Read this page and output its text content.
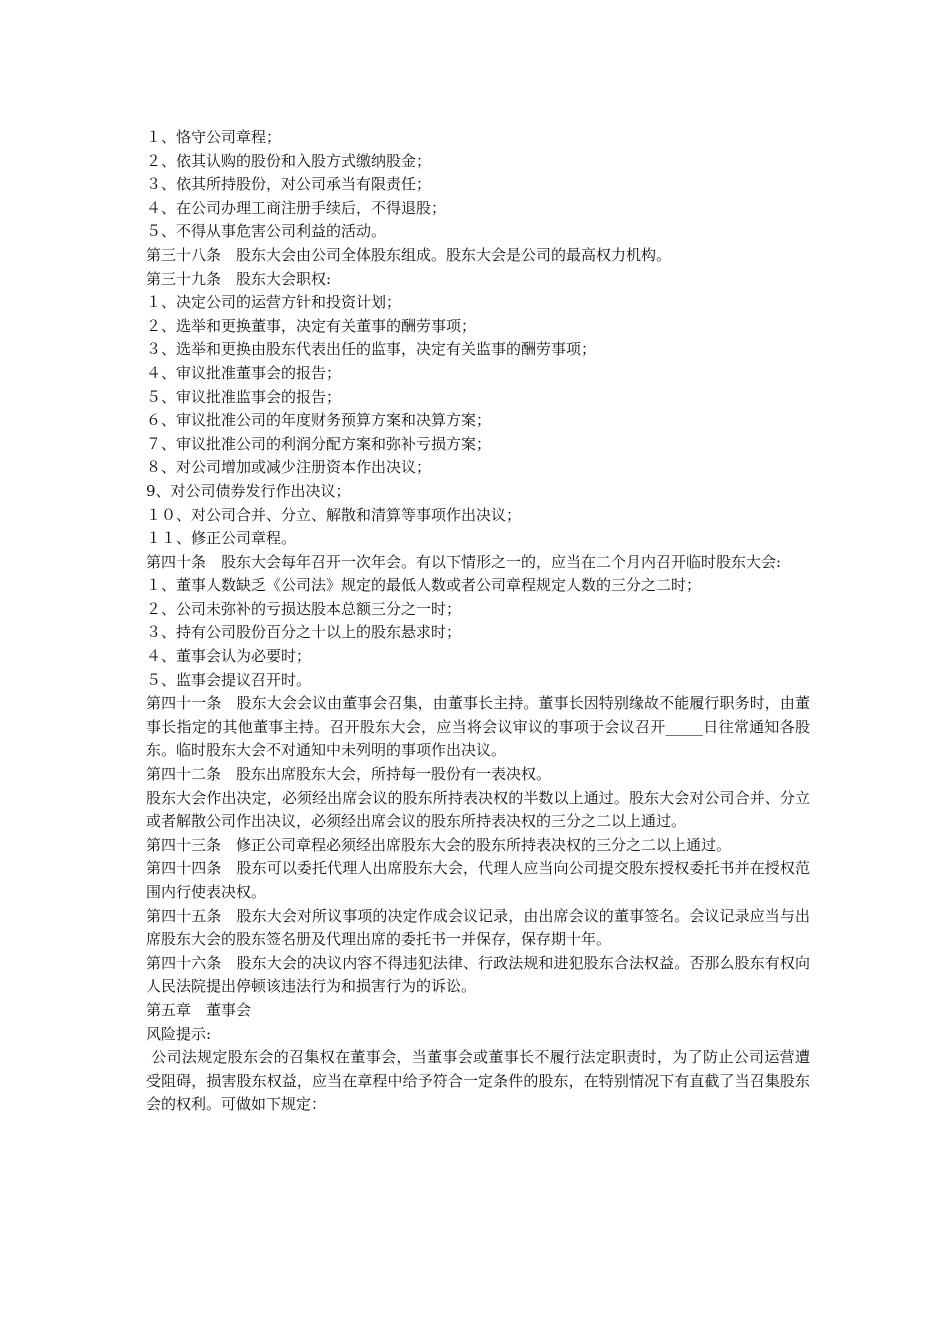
１、恪守公司章程；

２、依其认购的股份和入股方式缴纳股金；

３、依其所持股份，对公司承当有限责任；

４、在公司办理工商注册手续后，不得退股；

５、不得从事危害公司利益的活动。

第三十八条　股东大会由公司全体股东组成。股东大会是公司的最高权力机构。

第三十九条　股东大会职权:

１、决定公司的运营方针和投资计划；

２、选举和更换董事，决定有关董事的酬劳事项；

３、选举和更换由股东代表出任的监事，决定有关监事的酬劳事项；

４、审议批准董事会的报告；

５、审议批准监事会的报告；

６、审议批准公司的年度财务预算方案和决算方案；

７、审议批准公司的利润分配方案和弥补亏损方案；

８、对公司增加或减少注册资本作出决议；

9、对公司债券发行作出决议；

１０、对公司合并、分立、解散和清算等事项作出决议；

１１、修正公司章程。

第四十条　股东大会每年召开一次年会。有以下情形之一的，应当在二个月内召开临时股东大会:

１、董事人数缺乏《公司法》规定的最低人数或者公司章程规定人数的三分之二时；

２、公司未弥补的亏损达股本总额三分之一时；

３、持有公司股份百分之十以上的股东悬求时；

４、董事会认为必要时；

５、监事会提议召开时。

第四十一条　股东大会会议由董事会召集，由董事长主持。董事长因特别缘故不能履行职务时，由董事长指定的其他董事主持。召开股东大会，应当将会议审议的事项于会议召开_____日往常通知各股东。临时股东大会不对通知中未列明的事项作出决议。

第四十二条　股东出席股东大会，所持每一股份有一表决权。

股东大会作出决定，必须经出席会议的股东所持表决权的半数以上通过。股东大会对公司合并、分立或者解散公司作出决议，必须经出席会议的股东所持表决权的三分之二以上通过。

第四十三条　修正公司章程必须经出席股东大会的股东所持表决权的三分之二以上通过。

第四十四条　股东可以委托代理人出席股东大会，代理人应当向公司提交股东授权委托书并在授权范围内行使表决权。

第四十五条　股东大会对所议事项的决定作成会议记录，由出席会议的董事签名。会议记录应当与出席股东大会的股东签名册及代理出席的委托书一并保存，保存期十年。

第四十六条　股东大会的决议内容不得违犯法律、行政法规和进犯股东合法权益。否那么股东有权向人民法院提出停顿该违法行为和损害行为的诉讼。

第五章　董事会

风险提示:

公司法规定股东会的召集权在董事会，当董事会或董事长不履行法定职责时，为了防止公司运营遭受阻碍，损害股东权益，应当在章程中给予符合一定条件的股东，在特别情况下有直截了当召集股东会的权利。可做如下规定：
